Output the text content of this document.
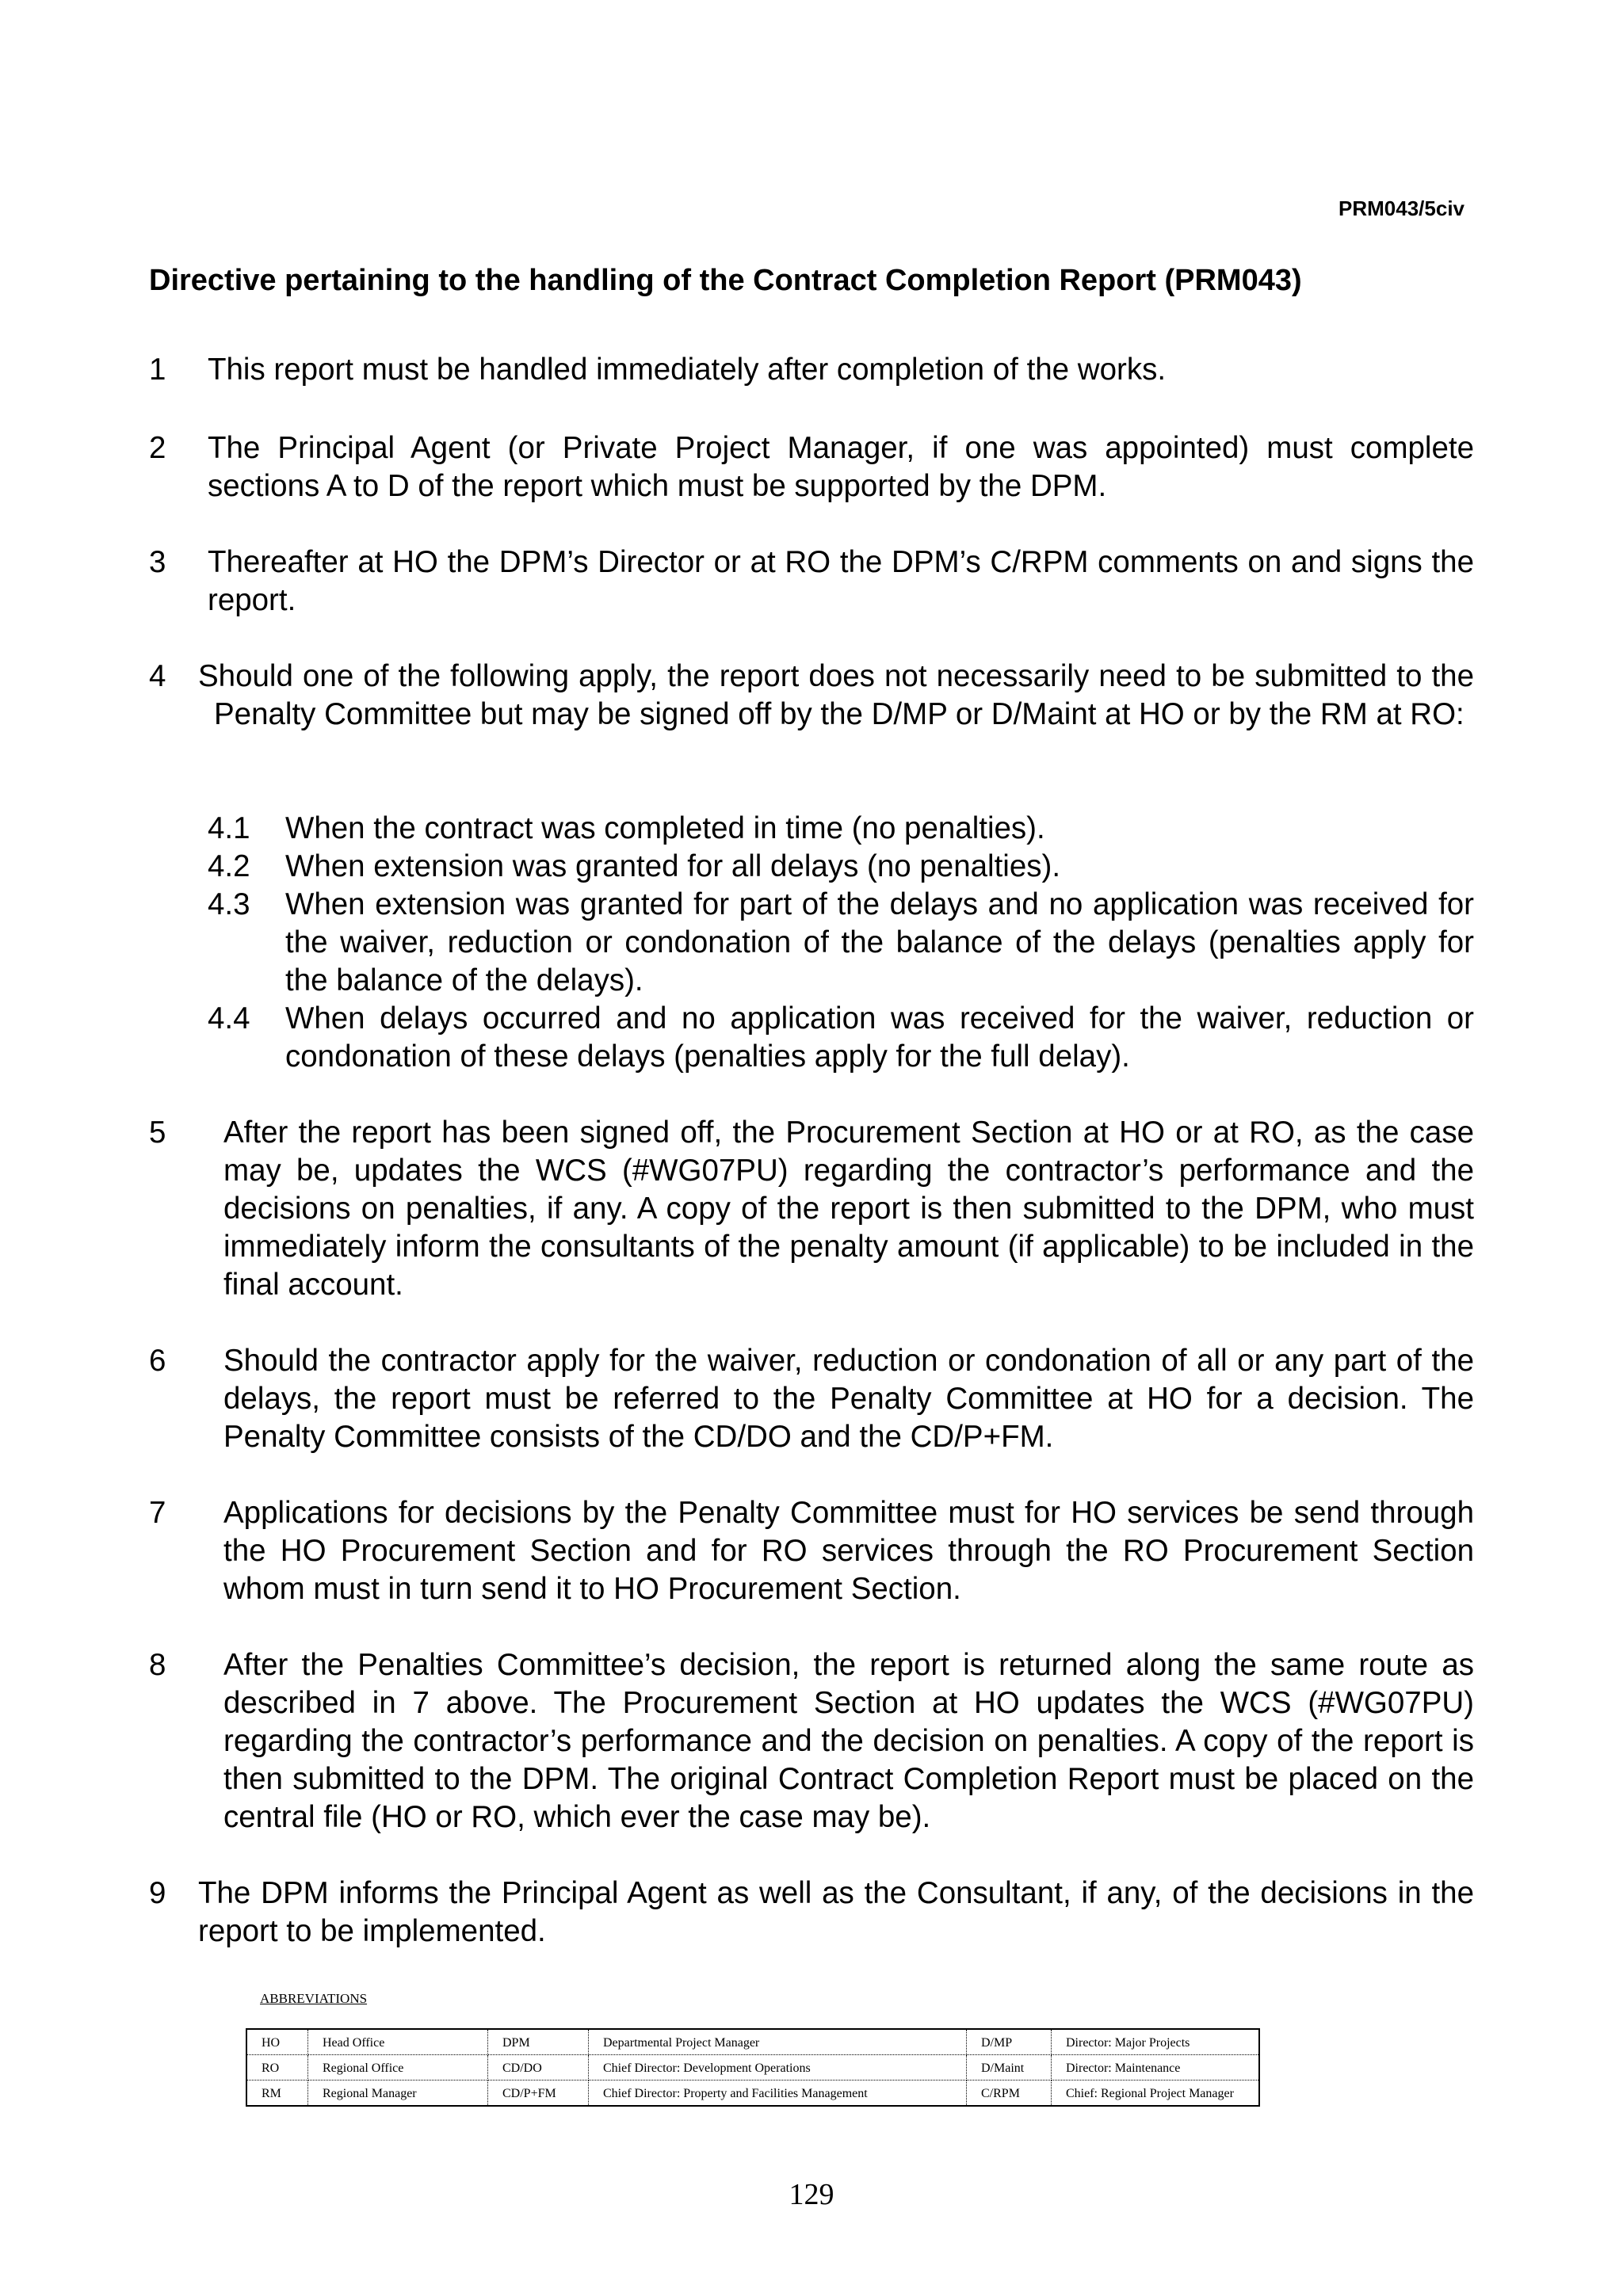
PRM043/5civ
Directive pertaining to the handling of the Contract Completion Report (PRM043)
1 This report must be handled immediately after completion of the works.
2 The Principal Agent (or Private Project Manager, if one was appointed) must complete sections A to D of the report which must be supported by the DPM.
3 Thereafter at HO the DPM’s Director or at RO the DPM’s C/RPM comments on and signs the report.
4 Should one of the following apply, the report does not necessarily need to be submitted to the Penalty Committee but may be signed off by the D/MP or D/Maint at HO or by the RM at RO:
4.1 When the contract was completed in time (no penalties).
4.2 When extension was granted for all delays (no penalties).
4.3 When extension was granted for part of the delays and no application was received for the waiver, reduction or condonation of the balance of the delays (penalties apply for the balance of the delays).
4.4 When delays occurred and no application was received for the waiver, reduction or condonation of these delays (penalties apply for the full delay).
5 After the report has been signed off, the Procurement Section at HO or at RO, as the case may be, updates the WCS (#WG07PU) regarding the contractor’s performance and the decisions on penalties, if any. A copy of the report is then submitted to the DPM, who must immediately inform the consultants of the penalty amount (if applicable) to be included in the final account.
6 Should the contractor apply for the waiver, reduction or condonation of all or any part of the delays, the report must be referred to the Penalty Committee at HO for a decision. The Penalty Committee consists of the CD/DO and the CD/P+FM.
7 Applications for decisions by the Penalty Committee must for HO services be send through the HO Procurement Section and for RO services through the RO Procurement Section whom must in turn send it to HO Procurement Section.
8 After the Penalties Committee’s decision, the report is returned along the same route as described in 7 above. The Procurement Section at HO updates the WCS (#WG07PU) regarding the contractor’s performance and the decision on penalties. A copy of the report is then submitted to the DPM. The original Contract Completion Report must be placed on the central file (HO or RO, which ever the case may be).
9 The DPM informs the Principal Agent as well as the Consultant, if any, of the decisions in the report to be implemented.
ABBREVIATIONS
HO	Head Office	DPM	Departmental Project Manager	D/MP	Director: Major Projects
RO	Regional Office	CD/DO	Chief Director: Development Operations	D/Maint	Director: Maintenance
RM	Regional Manager	CD/P+FM	Chief Director: Property and Facilities Management	C/RPM	Chief: Regional Project Manager
129
